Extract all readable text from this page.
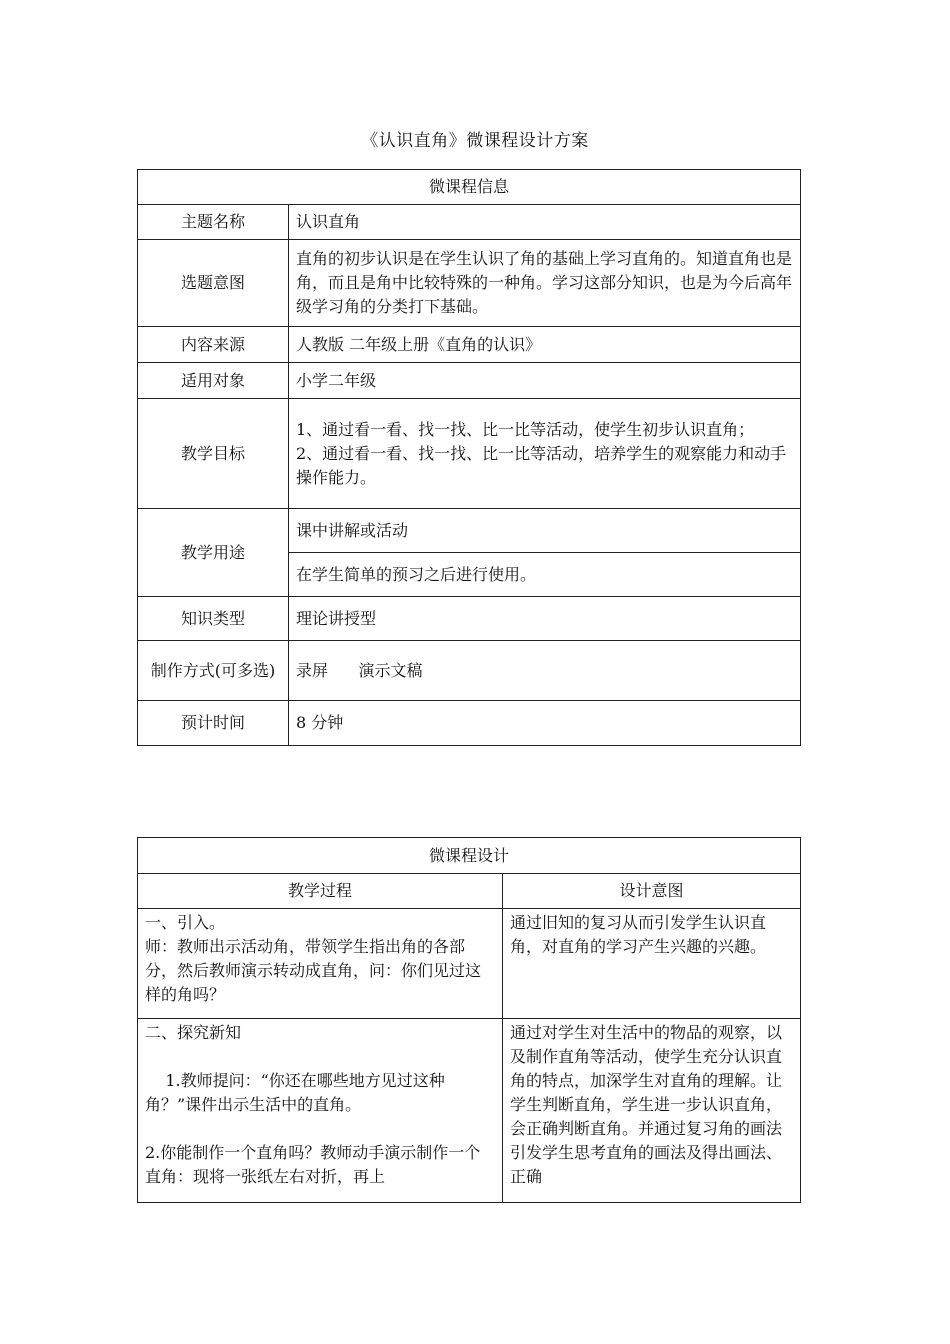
《认识直角》微课程设计方案
微课程信息	
主题名称	认识直角
选题意图	直角的初步认识是在学生认识了角的基础上学习直角的。知道直角也是角，而且是角中比较特殊的一种角。学习这部分知识，也是为今后高年级学习角的分类打下基础。
内容来源	人教版 二年级上册《直角的认识》
适用对象	小学二年级
教学目标	1、通过看一看、找一找、比一比等活动，使学生初步认识直角；
2、通过看一看、找一找、比一比等活动，培养学生的观察能力和动手操作能力。

教学用途	课中讲解或活动
	在学生简单的预习之后进行使用。
知识类型	理论讲授型
制作方式(可多选)	录屏      演示文稿

预计时间	8 分钟
微课程设计	
教学过程	设计意图

一、引入。
师：教师出示活动角，带领学生指出角的各部分，然后教师演示转动成直角，问：你们见过这样的角吗？	通过旧知的复习从而引发学生认识直角，对直角的学习产生兴趣的兴趣。

二、探究新知

1.教师提问：“你还在哪些地方见过这种角？”课件出示生活中的直角。

2.你能制作一个直角吗？教师动手演示制作一个直角：现将一张纸左右对折，再上	通过对学生对生活中的物品的观察，以及制作直角等活动，使学生充分认识直角的特点，加深学生对直角的理解。让学生判断直角，学生进一步认识直角，会正确判断直角。并通过复习角的画法引发学生思考直角的画法及得出画法、正确
